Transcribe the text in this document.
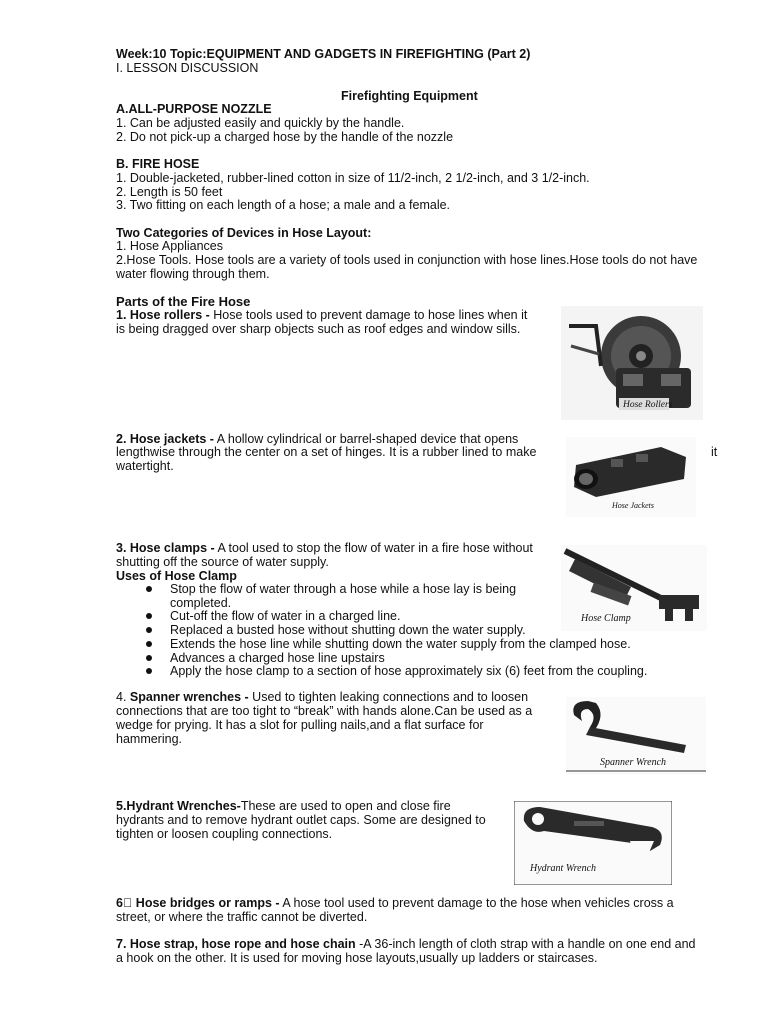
Week:10 Topic:EQUIPMENT AND GADGETS IN FIREFIGHTING (Part 2)
I. LESSON DISCUSSION
Firefighting Equipment
A.ALL-PURPOSE NOZZLE
1. Can be adjusted easily and quickly by the handle.
2. Do not pick-up a charged hose by the handle of the nozzle
B. FIRE HOSE
1. Double-jacketed, rubber-lined cotton in size of 11/2-inch, 2 1/2-inch, and 3 1/2-inch.
2. Length is 50 feet
3. Two fitting on each length of a hose; a male and a female.
Two Categories of Devices in Hose Layout:
1. Hose Appliances
2.Hose Tools. Hose tools are a variety of tools used in conjunction with hose lines.Hose tools do not have
water flowing through them.
Parts of the Fire Hose
1. Hose rollers - Hose tools used to prevent damage to hose lines when it
is being dragged over sharp objects such as roof edges and window sills.
Hose Rollers
2. Hose jackets - A hollow cylindrical or barrel-shaped device that opens
lengthwise through the center on a set of hinges. It is a rubber lined to make	it
watertight.
Hose Jackets
3. Hose clamps - A tool used to stop the flow of water in a fire hose without
shutting off the source of water supply.
Uses of Hose Clamp
Stop the flow of water through a hose while a hose lay is being
completed.
Cut-off the flow of water in a charged line.
Replaced a busted hose without shutting down the water supply.
Extends the hose line while shutting down the water supply from the clamped hose.
Advances a charged hose line upstairs
Apply the hose clamp to a section of hose approximately six (6) feet from the coupling.
Hose Clamp
4. Spanner wrenches - Used to tighten leaking connections and to loosen
connections that are too tight to “break” with hands alone.Can be used as a
wedge for prying. It has a slot for pulling nails,and a flat surface for
hammering.
Spanner Wrench
5.Hydrant Wrenches-These are used to open and close fire
hydrants and to remove hydrant outlet caps. Some are designed to
tighten or loosen coupling connections.
Hydrant Wrench
6  Hose bridges or ramps - A hose tool used to prevent damage to the hose when vehicles cross a
street, or where the traffic cannot be diverted.
7. Hose strap, hose rope and hose chain -A 36-inch length of cloth strap with a handle on one end and
a hook on the other. It is used for moving hose layouts,usually up ladders or staircases.
